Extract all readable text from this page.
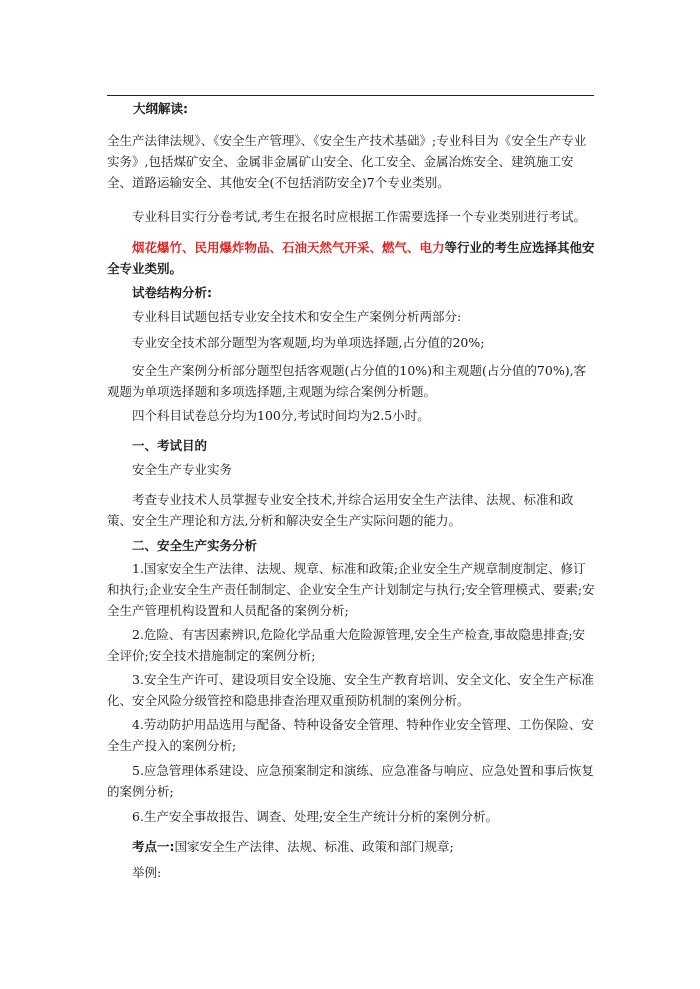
大纲解读:

全生产法律法规》、《安全生产管理》、《安全生产技术基础》;专业科目为《安全生产专业实务》,包括煤矿安全、金属非金属矿山安全、化工安全、金属冶炼安全、建筑施工安全、道路运输安全、其他安全(不包括消防安全)7个专业类别。

专业科目实行分卷考试,考生在报名时应根据工作需要选择一个专业类别进行考试。

烟花爆竹、民用爆炸物品、石油天然气开采、燃气、电力等行业的考生应选择其他安全专业类别。

试卷结构分析:

专业科目试题包括专业安全技术和安全生产案例分析两部分:

专业安全技术部分题型为客观题,均为单项选择题,占分值的20%;

安全生产案例分析部分题型包括客观题(占分值的10%)和主观题(占分值的70%),客观题为单项选择题和多项选择题,主观题为综合案例分析题。

四个科目试卷总分均为100分,考试时间均为2.5小时。

一、考试目的

安全生产专业实务

考查专业技术人员掌握专业安全技术,并综合运用安全生产法律、法规、标准和政策、安全生产理论和方法,分析和解决安全生产实际问题的能力。

二、安全生产实务分析

1.国家安全生产法律、法规、规章、标准和政策;企业安全生产规章制度制定、修订和执行;企业安全生产责任制制定、企业安全生产计划制定与执行;安全管理模式、要素;安全生产管理机构设置和人员配备的案例分析;

2.危险、有害因素辨识,危险化学品重大危险源管理,安全生产检查,事故隐患排查;安全评价;安全技术措施制定的案例分析;

3.安全生产许可、建设项目安全设施、安全生产教育培训、安全文化、安全生产标准化、安全风险分级管控和隐患排查治理双重预防机制的案例分析。

4.劳动防护用品选用与配备、特种设备安全管理、特种作业安全管理、工伤保险、安全生产投入的案例分析;

5.应急管理体系建设、应急预案制定和演练、应急准备与响应、应急处置和事后恢复的案例分析;

6.生产安全事故报告、调查、处理;安全生产统计分析的案例分析。

考点一:国家安全生产法律、法规、标准、政策和部门规章;

举例:
